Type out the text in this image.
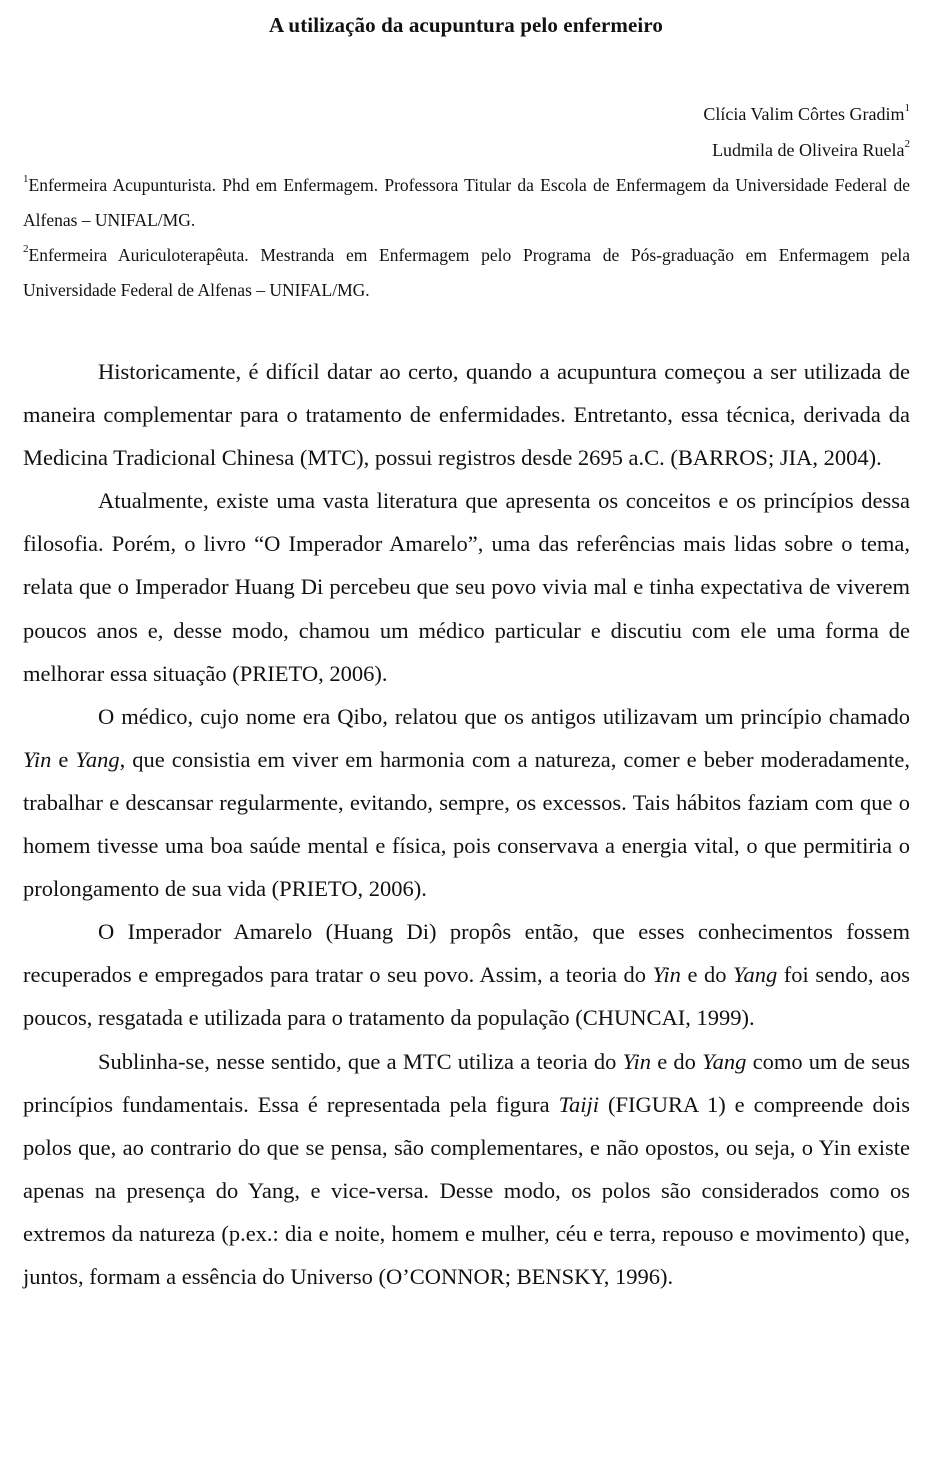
A utilização da acupuntura pelo enfermeiro
Clícia Valim Côrtes Gradim$^1$
Ludmila de Oliveira Ruela$^2$

$^1$Enfermeira Acupunturista. Phd em Enfermagem. Professora Titular da Escola de Enfermagem da Universidade Federal de Alfenas – UNIFAL/MG.

$^2$Enfermeira Auriculoterapêuta. Mestranda em Enfermagem pelo Programa de Pós-graduação em Enfermagem pela Universidade Federal de Alfenas – UNIFAL/MG.

Historicamente, é difícil datar ao certo, quando a acupuntura começou a ser utilizada de maneira complementar para o tratamento de enfermidades. Entretanto, essa técnica, derivada da Medicina Tradicional Chinesa (MTC), possui registros desde 2695 a.C. (BARROS; JIA, 2004).

Atualmente, existe uma vasta literatura que apresenta os conceitos e os princípios dessa filosofia. Porém, o livro “O Imperador Amarelo”, uma das referências mais lidas sobre o tema, relata que o Imperador Huang Di percebeu que seu povo vivia mal e tinha expectativa de viverem poucos anos e, desse modo, chamou um médico particular e discutiu com ele uma forma de melhorar essa situação (PRIETO, 2006).

O médico, cujo nome era Qibo, relatou que os antigos utilizavam um princípio chamado Yin e Yang, que consistia em viver em harmonia com a natureza, comer e beber moderadamente, trabalhar e descansar regularmente, evitando, sempre, os excessos. Tais hábitos faziam com que o homem tivesse uma boa saúde mental e física, pois conservava a energia vital, o que permitiria o prolongamento de sua vida (PRIETO, 2006).

O Imperador Amarelo (Huang Di) propôs então, que esses conhecimentos fossem recuperados e empregados para tratar o seu povo. Assim, a teoria do Yin e do Yang foi sendo, aos poucos, resgatada e utilizada para o tratamento da população (CHUNCAI, 1999).

Sublinha-se, nesse sentido, que a MTC utiliza a teoria do Yin e do Yang como um de seus princípios fundamentais. Essa é representada pela figura Taiji (FIGURA 1) e compreende dois polos que, ao contrario do que se pensa, são complementares, e não opostos, ou seja, o Yin existe apenas na presença do Yang, e vice-versa. Desse modo, os polos são considerados como os extremos da natureza (p.ex.: dia e noite, homem e mulher, céu e terra, repouso e movimento) que, juntos, formam a essência do Universo (O’CONNOR; BENSKY, 1996).
